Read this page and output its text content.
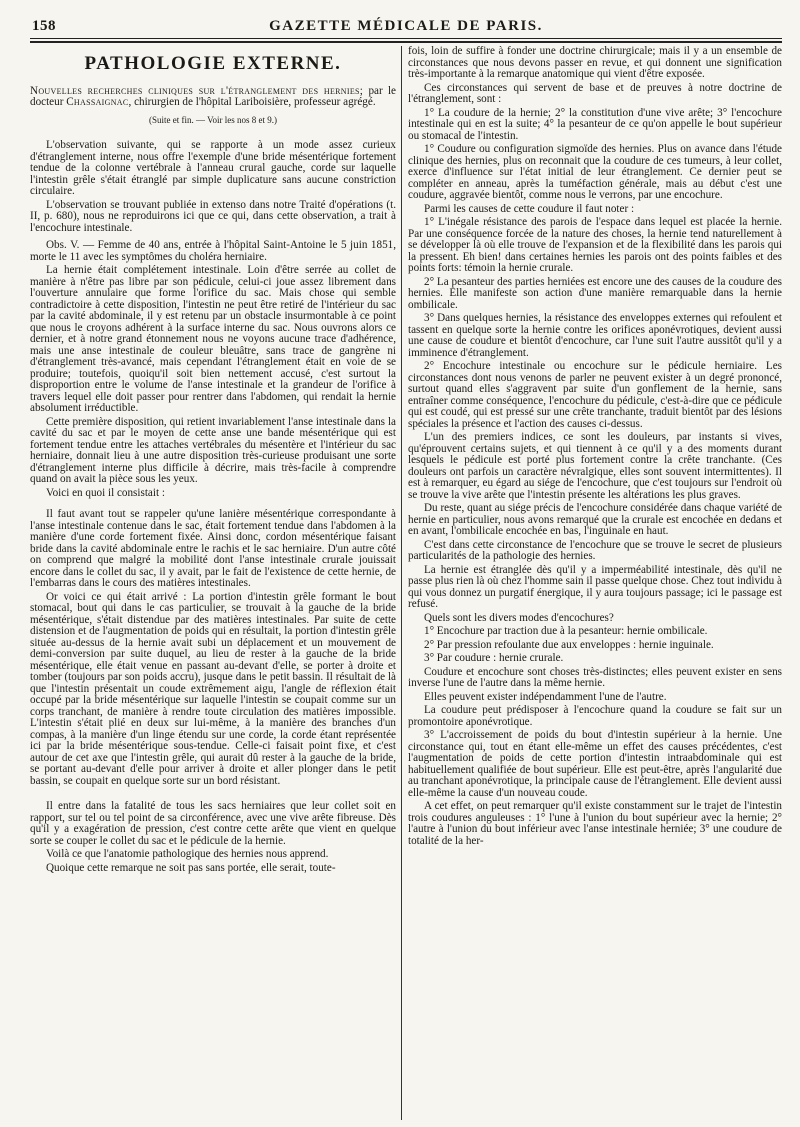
158	GAZETTE MÉDICALE DE PARIS.

PATHOLOGIE EXTERNE.

Nouvelles recherches cliniques sur l'étranglement des hernies; par le docteur Chassaignac, chirurgien de l'hôpital Lariboisière, professeur agrégé.

(Suite et fin. — Voir les nos 8 et 9.)

L'observation suivante, qui se rapporte à un mode assez curieux d'étranglement interne, nous offre l'exemple d'une bride mésentérique fortement tendue de la colonne vertébrale à l'anneau crural gauche, corde sur laquelle l'intestin grêle s'était étranglé par simple duplicature sans aucune constriction circulaire.

L'observation se trouvant publiée in extenso dans notre Traité d'opérations (t. II, p. 680), nous ne reproduirons ici que ce qui, dans cette observation, a trait à l'encochure intestinale.

Obs. V. — Femme de 40 ans, entrée à l'hôpital Saint-Antoine le 5 juin 1851, morte le 11 avec les symptômes du choléra herniaire.

La hernie était complétement intestinale. Loin d'être serrée au collet de manière à n'être pas libre par son pédicule, celui-ci joue assez librement dans l'ouverture annulaire que forme l'orifice du sac. Mais chose qui semble contradictoire à cette disposition, l'intestin ne peut être retiré de l'intérieur du sac par la cavité abdominale, il y est retenu par un obstacle insurmontable à ce point que nous le croyons adhérent à la surface interne du sac. Nous ouvrons alors ce dernier, et à notre grand étonnement nous ne voyons aucune trace d'adhérence, mais une anse intestinale de couleur bleuâtre, sans trace de gangrène ni d'étranglement très-avancé, mais cependant l'étranglement était en voie de se produire; toutefois, quoiqu'il soit bien nettement accusé, c'est surtout la disproportion entre le volume de l'anse intestinale et la grandeur de l'orifice à travers lequel elle doit passer pour rentrer dans l'abdomen, qui rendait la hernie absolument irréductible.

Cette première disposition, qui retient invariablement l'anse intestinale dans la cavité du sac et par le moyen de cette anse une bande mésentérique qui est fortement tendue entre les attaches vertébrales du mésentère et l'intérieur du sac herniaire, donnait lieu à une autre disposition très-curieuse produisant une sorte d'étranglement interne plus difficile à décrire, mais très-facile à comprendre quand on avait la pièce sous les yeux.

Voici en quoi il consistait :

Il faut avant tout se rappeler qu'une lanière mésentérique correspondante à l'anse intestinale contenue dans le sac, était fortement tendue dans l'abdomen à la manière d'une corde fortement fixée. Ainsi donc, cordon mésentérique faisant bride dans la cavité abdominale entre le rachis et le sac herniaire. D'un autre côté on comprend que malgré la mobilité dont l'anse intestinale crurale jouissait encore dans le collet du sac, il y avait, par le fait de l'existence de cette hernie, de l'embarras dans le cours des matières intestinales.

Or voici ce qui était arrivé : La portion d'intestin grêle formant le bout stomacal, bout qui dans le cas particulier, se trouvait à la gauche de la bride mésentérique, s'était distendue par des matières intestinales. Par suite de cette distension et de l'augmentation de poids qui en résultait, la portion d'intestin grêle située au-dessus de la hernie avait subi un déplacement et un mouvement de demi-conversion par suite duquel, au lieu de rester à la gauche de la bride mésentérique, elle était venue en passant au-devant d'elle, se porter à droite et tomber (toujours par son poids accru), jusque dans le petit bassin. Il résultait de là que l'intestin présentait un coude extrêmement aigu, l'angle de réflexion était occupé par la bride mésentérique sur laquelle l'intestin se coupait comme sur un corps tranchant, de manière à rendre toute circulation des matières impossible. L'intestin s'était plié en deux sur lui-même, à la manière des branches d'un compas, à la manière d'un linge étendu sur une corde, la corde étant représentée ici par la bride mésentérique sous-tendue. Celle-ci faisait point fixe, et c'est autour de cet axe que l'intestin grêle, qui aurait dû rester à la gauche de la bride, se portant au-devant d'elle pour arriver à droite et aller plonger dans le petit bassin, se coupait en quelque sorte sur un bord résistant.

Il entre dans la fatalité de tous les sacs herniaires que leur collet soit en rapport, sur tel ou tel point de sa circonférence, avec une vive arête fibreuse. Dès qu'il y a exagération de pression, c'est contre cette arête que vient en quelque sorte se couper le collet du sac et le pédicule de la hernie.

Voilà ce que l'anatomie pathologique des hernies nous apprend.

Quoique cette remarque ne soit pas sans portée, elle serait, toute-

fois, loin de suffire à fonder une doctrine chirurgicale; mais il y a un ensemble de circonstances que nous devons passer en revue, et qui donnent une signification très-importante à la remarque anatomique qui vient d'être exposée.

Ces circonstances qui servent de base et de preuves à notre doctrine de l'étranglement, sont :

1° La coudure de la hernie; 2° la constitution d'une vive arête; 3° l'encochure intestinale qui en est la suite; 4° la pesanteur de ce qu'on appelle le bout supérieur ou stomacal de l'intestin.

1° Coudure ou configuration sigmoïde des hernies. Plus on avance dans l'étude clinique des hernies, plus on reconnait que la coudure de ces tumeurs, à leur collet, exerce d'influence sur l'état initial de leur étranglement. Ce dernier peut se compléter en anneau, après la tuméfaction générale, mais au début c'est une coudure, aggravée bientôt, comme nous le verrons, par une encochure.

Parmi les causes de cette coudure il faut noter :

1° L'inégale résistance des parois de l'espace dans lequel est placée la hernie. Par une conséquence forcée de la nature des choses, la hernie tend naturellement à se développer là où elle trouve de l'expansion et de la flexibilité dans les parois qui la pressent. Eh bien! dans certaines hernies les parois ont des points faibles et des points forts: témoin la hernie crurale.

2° La pesanteur des parties herniées est encore une des causes de la coudure des hernies. Elle manifeste son action d'une manière remarquable dans la hernie ombilicale.

3° Dans quelques hernies, la résistance des enveloppes externes qui refoulent et tassent en quelque sorte la hernie contre les orifices aponévrotiques, devient aussi une cause de coudure et bientôt d'encochure, car l'une suit l'autre aussitôt qu'il y a imminence d'étranglement.

2° Encochure intestinale ou encochure sur le pédicule herniaire. Les circonstances dont nous venons de parler ne peuvent exister à un degré prononcé, surtout quand elles s'aggravent par suite d'un gonflement de la hernie, sans entraîner comme conséquence, l'encochure du pédicule, c'est-à-dire que ce pédicule qui est coudé, qui est pressé sur une crête tranchante, traduit bientôt par des lésions spéciales la présence et l'action des causes ci-dessus.

L'un des premiers indices, ce sont les douleurs, par instants si vives, qu'éprouvent certains sujets, et qui tiennent à ce qu'il y a des moments durant lesquels le pédicule est porté plus fortement contre la crête tranchante. (Ces douleurs ont parfois un caractère névralgique, elles sont souvent intermittentes). Il est à remarquer, eu égard au siége de l'encochure, que c'est toujours sur l'endroit où se trouve la vive arête que l'intestin présente les altérations les plus graves.

Du reste, quant au siége précis de l'encochure considérée dans chaque variété de hernie en particulier, nous avons remarqué que la crurale est encochée en dedans et en avant, l'ombilicale encochée en bas, l'inguinale en haut.

C'est dans cette circonstance de l'encochure que se trouve le secret de plusieurs particularités de la pathologie des hernies.

La hernie est étranglée dès qu'il y a imperméabilité intestinale, dès qu'il ne passe plus rien là où chez l'homme sain il passe quelque chose. Chez tout individu à qui vous donnez un purgatif énergique, il y aura toujours passage; ici le passage est refusé.

Quels sont les divers modes d'encochures?

1° Encochure par traction due à la pesanteur: hernie ombilicale.

2° Par pression refoulante due aux enveloppes : hernie inguinale.

3° Par coudure : hernie crurale.

Coudure et encochure sont choses très-distinctes; elles peuvent exister en sens inverse l'une de l'autre dans la même hernie.

Elles peuvent exister indépendamment l'une de l'autre.

La coudure peut prédisposer à l'encochure quand la coudure se fait sur un promontoire aponévrotique.

3° L'accroissement de poids du bout d'intestin supérieur à la hernie. Une circonstance qui, tout en étant elle-même un effet des causes précédentes, c'est l'augmentation de poids de cette portion d'intestin intraabdominale qui est habituellement qualifiée de bout supérieur. Elle est peut-être, après l'angularité due au tranchant aponévrotique, la principale cause de l'étranglement. Elle devient aussi elle-même la cause d'un nouveau coude.

A cet effet, on peut remarquer qu'il existe constamment sur le trajet de l'intestin trois coudures anguleuses : 1° l'une à l'union du bout supérieur avec la hernie; 2° l'autre à l'union du bout inférieur avec l'anse intestinale herniée; 3° une coudure de totalité de la her-
